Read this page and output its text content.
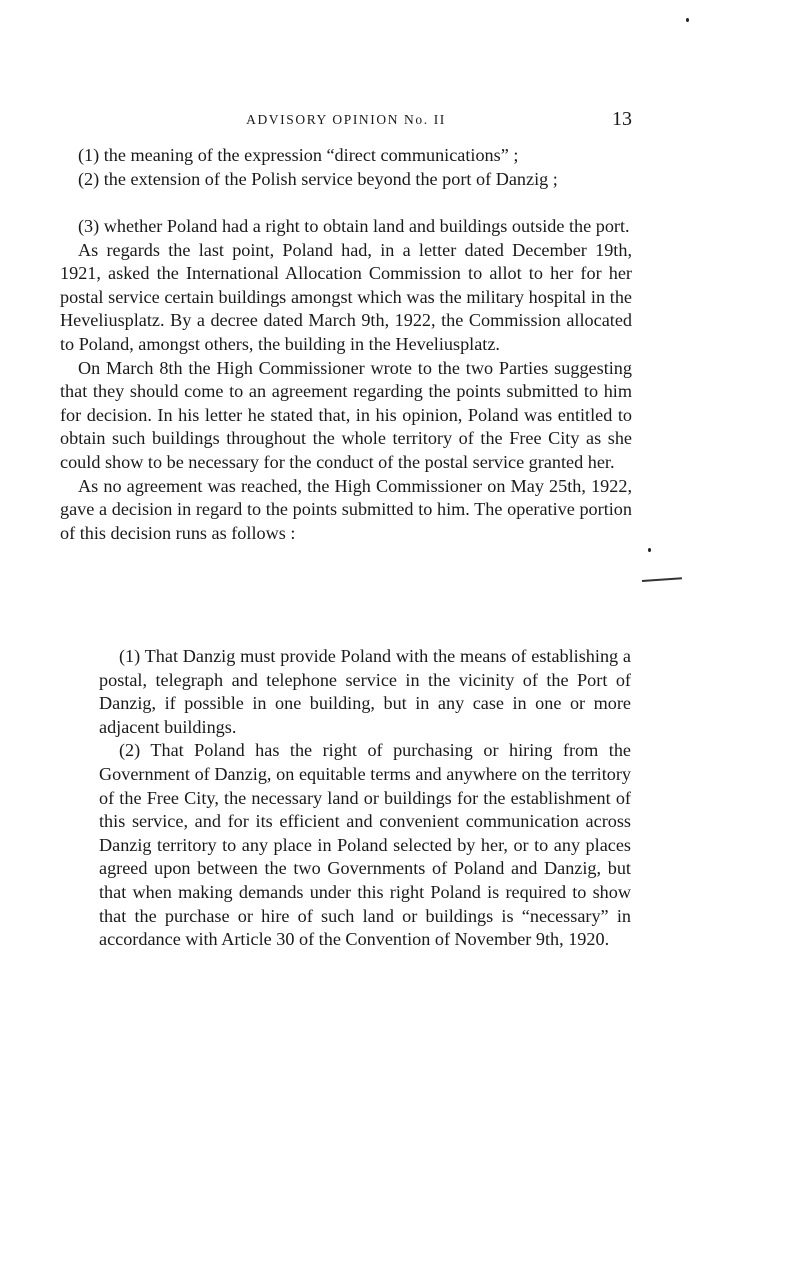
ADVISORY OPINION No. II	13
(1) the meaning of the expression “direct communications” ;
(2) the extension of the Polish service beyond the port of Danzig ;

(3) whether Poland had a right to obtain land and buildings outside the port.

As regards the last point, Poland had, in a letter dated December 19th, 1921, asked the International Allocation Commission to allot to her for her postal service certain buildings amongst which was the military hospital in the Heveliusplatz. By a decree dated March 9th, 1922, the Commission allocated to Poland, amongst others, the building in the Heveliusplatz.

On March 8th the High Commissioner wrote to the two Parties suggesting that they should come to an agreement regarding the points submitted to him for decision. In his letter he stated that, in his opinion, Poland was entitled to obtain such buildings throughout the whole territory of the Free City as she could show to be necessary for the conduct of the postal service granted her.

As no agreement was reached, the High Commissioner on May 25th, 1922, gave a decision in regard to the points submitted to him. The operative portion of this decision runs as follows :

(1) That Danzig must provide Poland with the means of establishing a postal, telegraph and telephone service in the vicinity of the Port of Danzig, if possible in one building, but in any case in one or more adjacent buildings.

(2) That Poland has the right of purchasing or hiring from the Government of Danzig, on equitable terms and anywhere on the territory of the Free City, the necessary land or buildings for the establishment of this service, and for its efficient and convenient communication across Danzig territory to any place in Poland selected by her, or to any places agreed upon between the two Governments of Poland and Danzig, but that when making demands under this right Poland is required to show that the purchase or hire of such land or buildings is “necessary” in accordance with Article 30 of the Convention of November 9th, 1920.
